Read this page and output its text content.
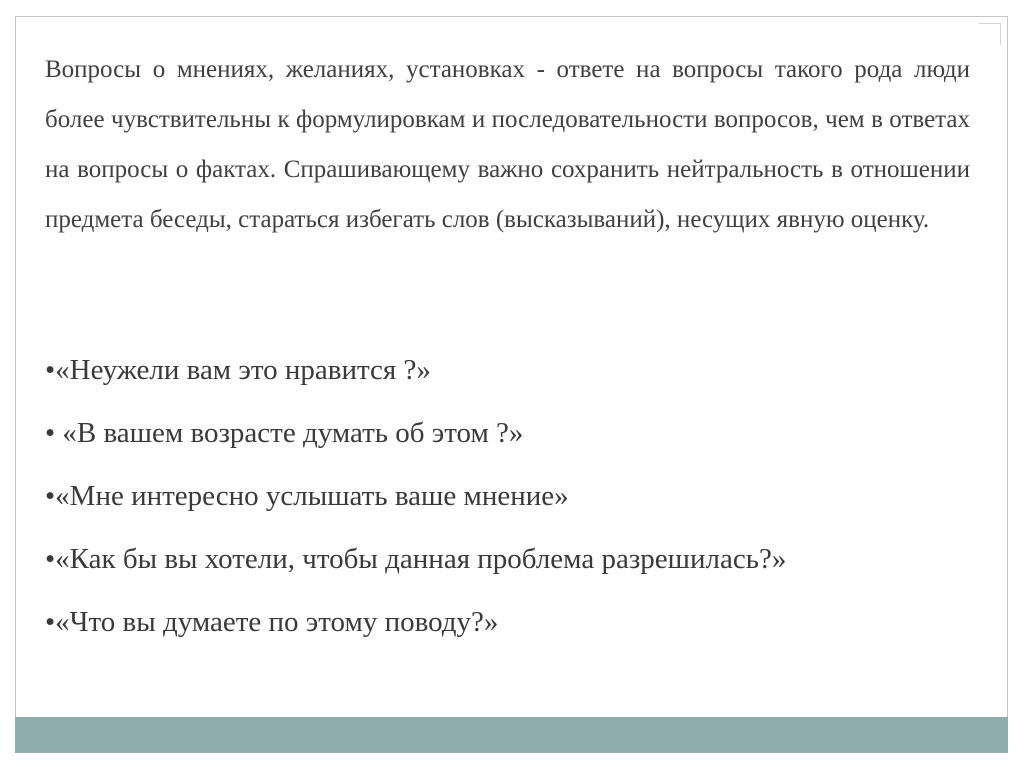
Вопросы о мнениях, желаниях, установках - ответе на вопросы такого рода люди более чувствительны к формулировкам и последовательности вопросов, чем в ответах на вопросы о фактах. Спрашивающему важно сохранить нейтральность в отношении предмета беседы, стараться избегать слов (высказываний), несущих явную оценку.

•«Неужели вам это нравится ?»
• «В вашем возрасте думать об этом ?»
•«Мне интересно услышать ваше мнение»
•«Как бы вы хотели, чтобы данная проблема разрешилась?»
•«Что вы думаете по этому поводу?»
